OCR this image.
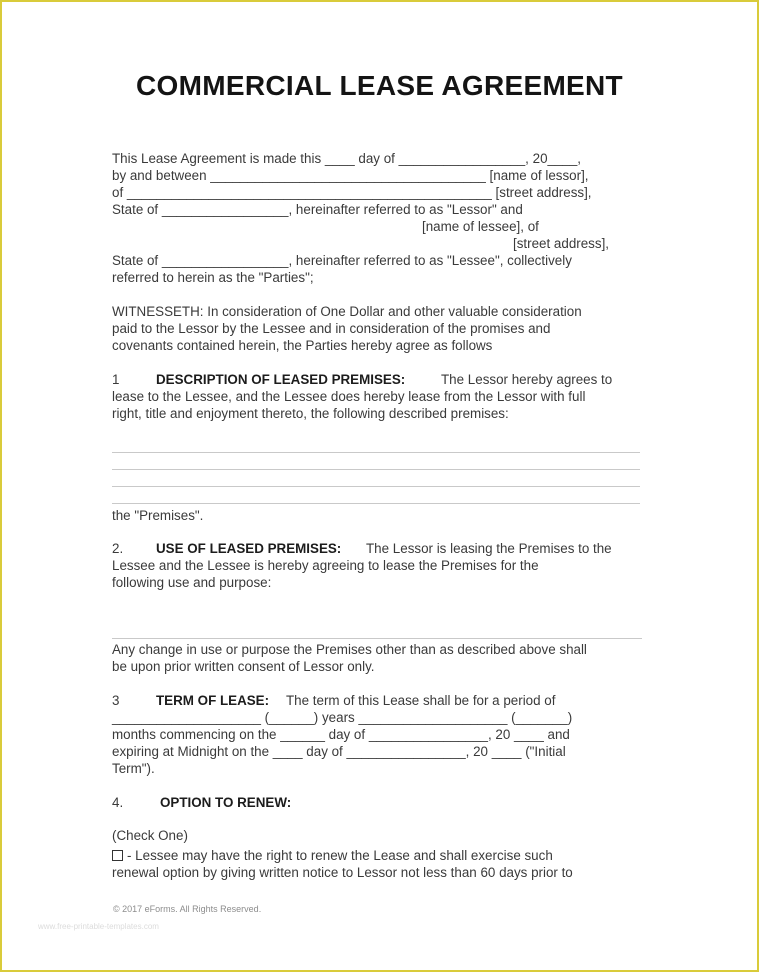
COMMERCIAL LEASE AGREEMENT
This Lease Agreement is made this ____ day of _________________, 20____,
by and between _____________________________________ [name of lessor],
of _________________________________________________ [street address],
State of _________________, hereinafter referred to as "Lessor" and
[name of lessee], of
[street address],
State of _________________, hereinafter referred to as "Lessee", collectively
referred to herein as the "Parties";
WITNESSETH: In consideration of One Dollar and other valuable consideration
paid to the Lessor by the Lessee and in consideration of the promises and
covenants contained herein, the Parties hereby agree as follows
1	DESCRIPTION OF LEASED PREMISES:	The Lessor hereby agrees to
lease to the Lessee, and the Lessee does hereby lease from the Lessor with full
right, title and enjoyment thereto, the following described premises:
the "Premises".
2. USE OF LEASED PREMISES: The Lessor is leasing the Premises to the
Lessee and the Lessee is hereby agreeing to lease the Premises for the
following use and purpose:
Any change in use or purpose the Premises other than as described above shall
be upon prior written consent of Lessor only.
3	TERM OF LEASE: The term of this Lease shall be for a period of
____________________ (______) years ____________________ (_______)
months commencing on the ______ day of ________________, 20 ____ and
expiring at Midnight on the ____ day of ________________, 20 ____ ("Initial
Term").
4.	OPTION TO RENEW:
(Check One)
- Lessee may have the right to renew the Lease and shall exercise such
renewal option by giving written notice to Lessor not less than 60 days prior to
© 2017 eForms. All Rights Reserved.
www.free-printable-templates.com
